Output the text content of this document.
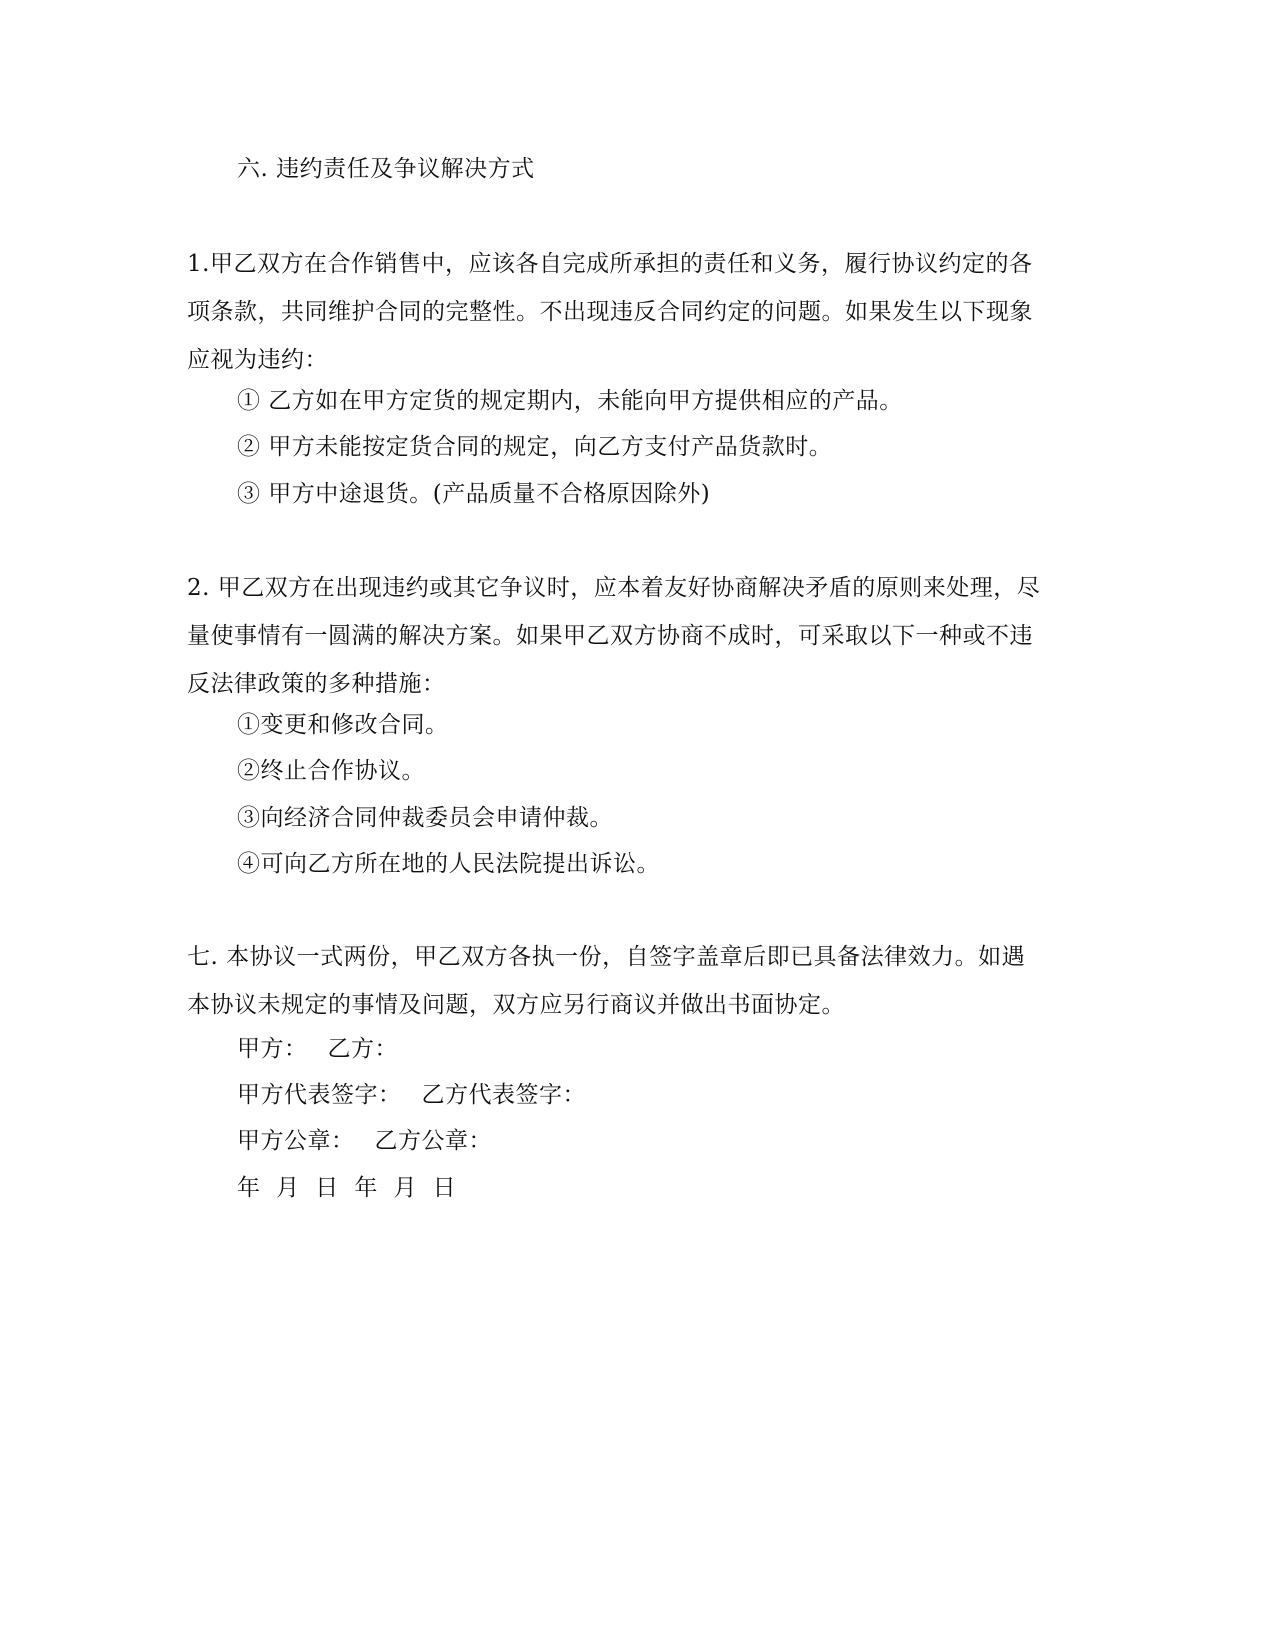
六. 违约责任及争议解决方式
1.甲乙双方在合作销售中，应该各自完成所承担的责任和义务，履行协议约定的各
项条款，共同维护合同的完整性。不出现违反合同约定的问题。如果发生以下现象
应视为违约：
① 乙方如在甲方定货的规定期内，未能向甲方提供相应的产品。
② 甲方未能按定货合同的规定，向乙方支付产品货款时。
③ 甲方中途退货。(产品质量不合格原因除外)
2. 甲乙双方在出现违约或其它争议时，应本着友好协商解决矛盾的原则来处理，尽
量使事情有一圆满的解决方案。如果甲乙双方协商不成时，可采取以下一种或不违
反法律政策的多种措施：
①变更和修改合同。
②终止合作协议。
③向经济合同仲裁委员会申请仲裁。
④可向乙方所在地的人民法院提出诉讼。
七. 本协议一式两份，甲乙双方各执一份，自签字盖章后即已具备法律效力。如遇
本协议未规定的事情及问题，双方应另行商议并做出书面协定。
甲方： 乙方：
甲方代表签字： 乙方代表签字：
甲方公章： 乙方公章：
年  月  日  年  月  日
